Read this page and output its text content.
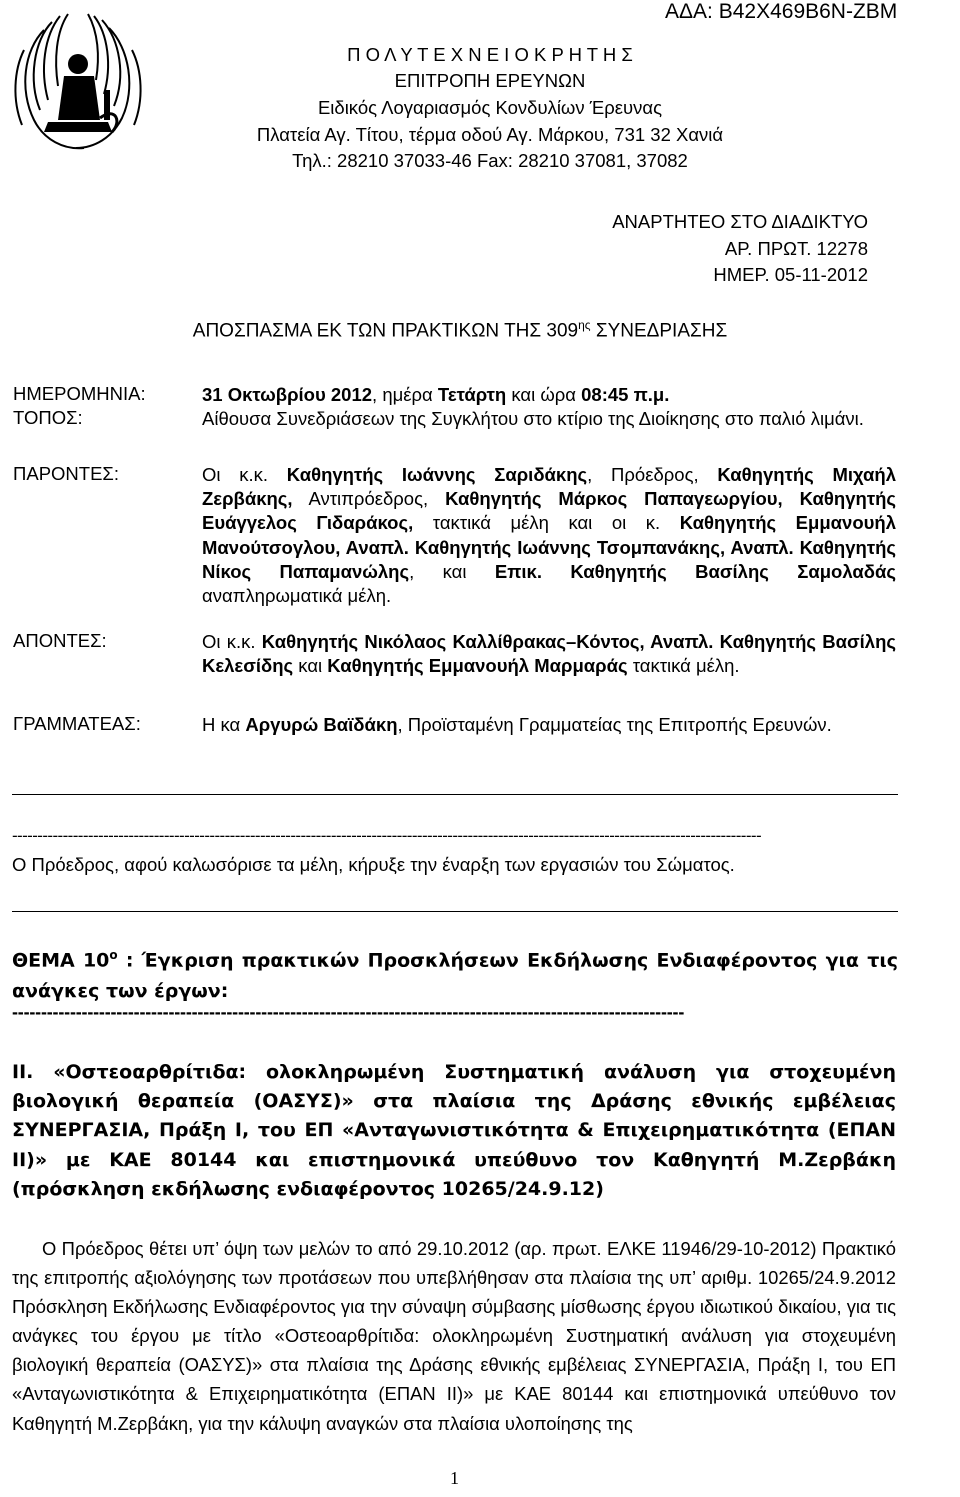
ΑΔΑ: Β42Χ469Β6Ν-ΖΒΜ
Π Ο Λ Υ Τ Ε Χ Ν Ε Ι Ο Κ Ρ Η Τ Η Σ
ΕΠΙΤΡΟΠΗ ΕΡΕΥΝΩΝ
Ειδικός Λογαριασμός Κονδυλίων Έρευνας
Πλατεία Αγ. Τίτου, τέρμα οδού Αγ. Μάρκου, 731 32 Χανιά
Τηλ.: 28210 37033-46 Fax: 28210 37081, 37082
ΑΝΑΡΤΗΤΕΟ ΣΤΟ ΔΙΑΔΙΚΤΥΟ
ΑΡ. ΠΡΩΤ. 12278
ΗΜΕΡ. 05-11-2012
ΑΠΟΣΠΑΣΜΑ ΕΚ ΤΩΝ ΠΡΑΚΤΙΚΩΝ ΤΗΣ $309^{\eta\varsigma}$ ΣΥΝΕΔΡΙΑΣΗΣ
ΗΜΕΡΟΜΗΝΙΑ:	31 Οκτωβρίου 2012, ημέρα Τετάρτη και ώρα 08:45 π.μ.
ΤΟΠΟΣ:	Αίθουσα Συνεδριάσεων της Συγκλήτου στο κτίριο της Διοίκησης στο παλιό λιμάνι.
ΠΑΡΟΝΤΕΣ:	Οι κ.κ. Καθηγητής Ιωάννης Σαριδάκης, Πρόεδρος, Καθηγητής Μιχαήλ Ζερβάκης, Αντιπρόεδρος, Καθηγητής Μάρκος Παπαγεωργίου, Καθηγητής Ευάγγελος Γιδαράκος, τακτικά μέλη και οι κ. Καθηγητής Εμμανουήλ Μανούτσογλου, Αναπλ. Καθηγητής Ιωάννης Τσομπανάκης, Αναπλ. Καθηγητής Νίκος Παπαμανώλης, και Επικ. Καθηγητής Βασίλης Σαμολαδάς αναπληρωματικά μέλη.
ΑΠΟΝΤΕΣ:	Οι κ.κ. Καθηγητής Νικόλαος Καλλίθρακας–Κόντος, Αναπλ. Καθηγητής Βασίλης Κελεσίδης και Καθηγητής Εμμανουήλ Μαρμαράς τακτικά μέλη.
ΓΡΑΜΜΑΤΕΑΣ:	Η κα Αργυρώ Βαϊδάκη, Προϊσταμένη Γραμματείας της Επιτροπής Ερευνών.
----------------------------------------------------------------------------------------------------------------------------------------------------
Ο Πρόεδρος, αφού καλωσόρισε τα μέλη, κήρυξε την έναρξη των εργασιών του Σώματος.
ΘΕΜΑ $10^o$ : Έγκριση πρακτικών Προσκλήσεων Εκδήλωσης Ενδιαφέροντος για τις ανάγκες των έργων:
--------------------------------------------------------------------------------------------------------------------
ΙΙ. «Οστεοαρθρίτιδα: ολοκληρωμένη Συστηματική ανάλυση για στοχευμένη βιολογική θεραπεία (ΟΑΣΥΣ)» στα πλαίσια της Δράσης εθνικής εμβέλειας ΣΥΝΕΡΓΑΣΙΑ, Πράξη Ι, του ΕΠ «Ανταγωνιστικότητα & Επιχειρηματικότητα (ΕΠΑΝ ΙΙ)» με ΚΑΕ 80144 και επιστημονικά υπεύθυνο τον Καθηγητή Μ.Ζερβάκη (πρόσκληση εκδήλωσης ενδιαφέροντος 10265/24.9.12)
Ο Πρόεδρος θέτει υπ’ όψη των μελών το από 29.10.2012 (αρ. πρωτ. ΕΛΚΕ 11946/29-10-2012) Πρακτικό της επιτροπής αξιολόγησης των προτάσεων που υπεβλήθησαν στα πλαίσια της υπ’ αριθμ. 10265/24.9.2012 Πρόσκληση Εκδήλωσης Ενδιαφέροντος για την σύναψη σύμβασης μίσθωσης έργου ιδιωτικού δικαίου, για τις ανάγκες του έργου με τίτλο «Οστεοαρθρίτιδα: ολοκληρωμένη Συστηματική ανάλυση για στοχευμένη βιολογική θεραπεία (ΟΑΣΥΣ)» στα πλαίσια της Δράσης εθνικής εμβέλειας ΣΥΝΕΡΓΑΣΙΑ, Πράξη Ι, του ΕΠ «Ανταγωνιστικότητα & Επιχειρηματικότητα (ΕΠΑΝ ΙΙ)» με ΚΑΕ 80144 και επιστημονικά υπεύθυνο τον Καθηγητή Μ.Ζερβάκη, για την κάλυψη αναγκών στα πλαίσια υλοποίησης της
1
